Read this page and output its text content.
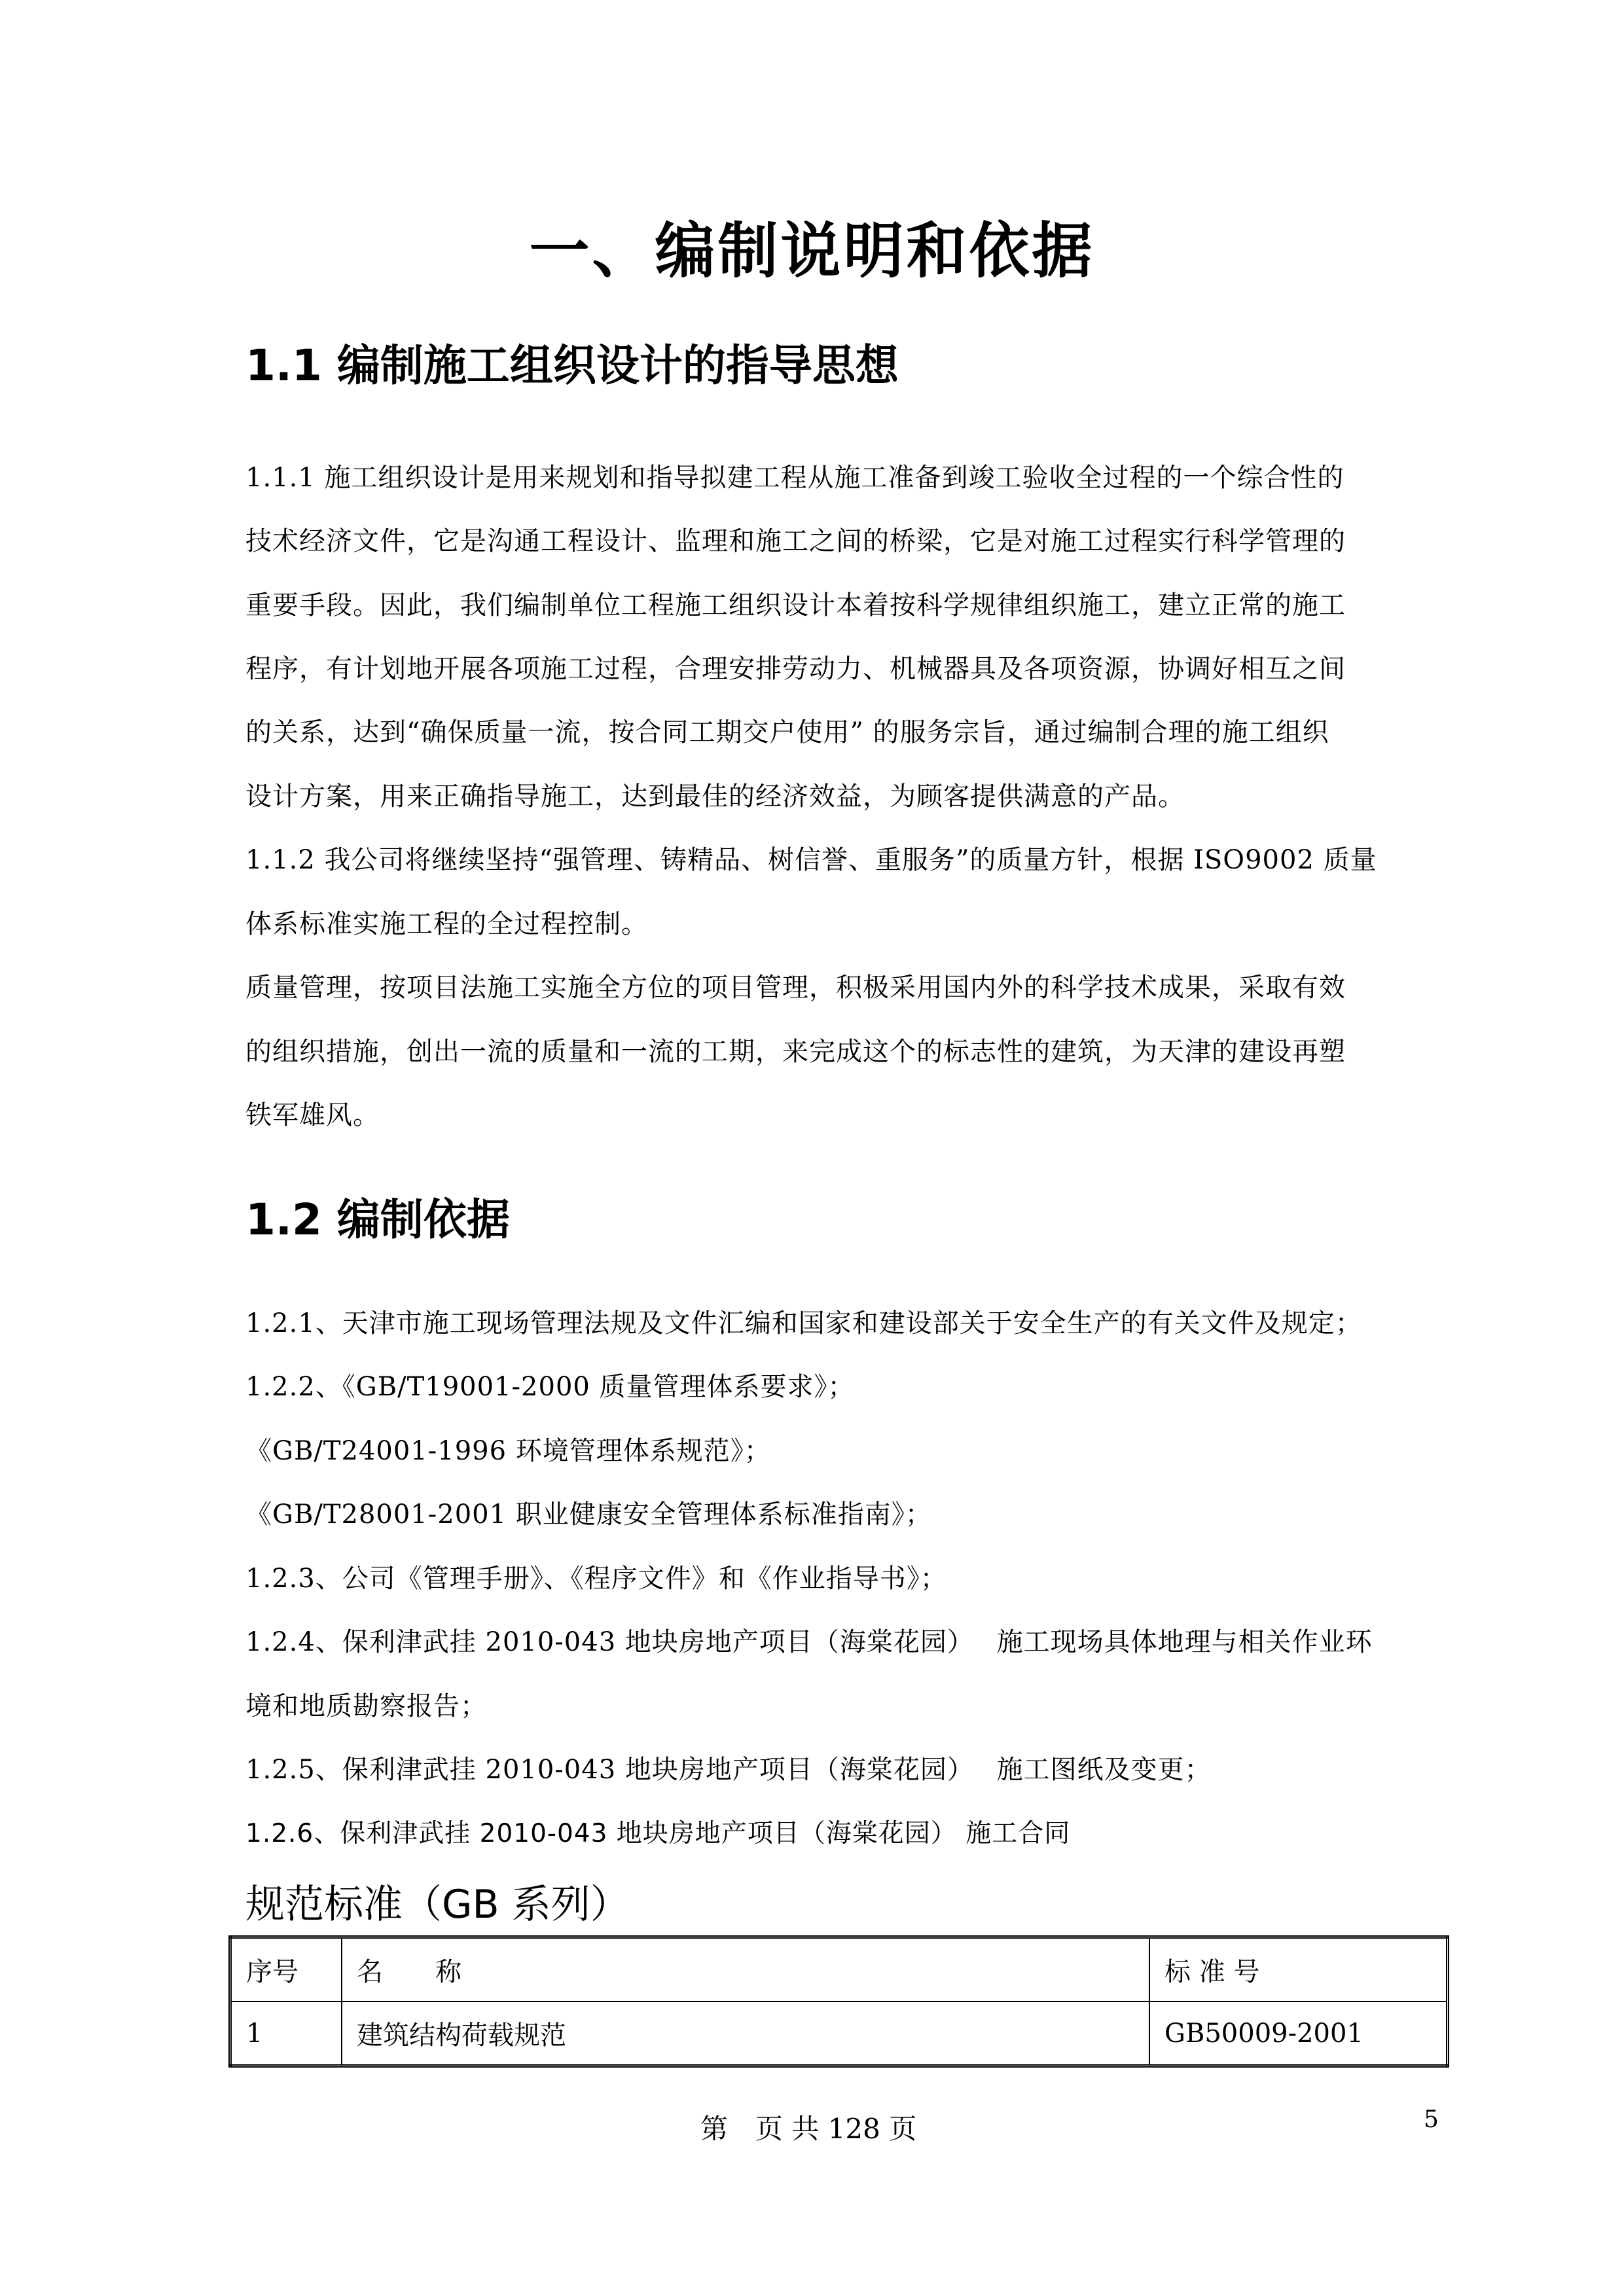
一、编制说明和依据
1.1 编制施工组织设计的指导思想
1.1.1 施工组织设计是用来规划和指导拟建工程从施工准备到竣工验收全过程的一个综合性的
技术经济文件，它是沟通工程设计、监理和施工之间的桥梁，它是对施工过程实行科学管理的
重要手段。因此，我们编制单位工程施工组织设计本着按科学规律组织施工，建立正常的施工
程序，有计划地开展各项施工过程，合理安排劳动力、机械器具及各项资源，协调好相互之间
的关系，达到“确保质量一流，按合同工期交户使用” 的服务宗旨，通过编制合理的施工组织
设计方案，用来正确指导施工，达到最佳的经济效益，为顾客提供满意的产品。
1.1.2 我公司将继续坚持“强管理、铸精品、树信誉、重服务”的质量方针，根据 ISO9002 质量
体系标准实施工程的全过程控制。
质量管理，按项目法施工实施全方位的项目管理，积极采用国内外的科学技术成果，采取有效
的组织措施，创出一流的质量和一流的工期，来完成这个的标志性的建筑，为天津的建设再塑
铁军雄风。
1.2 编制依据
1.2.1、天津市施工现场管理法规及文件汇编和国家和建设部关于安全生产的有关文件及规定；
1.2.2、《GB/T19001-2000 质量管理体系要求》；
《GB/T24001-1996 环境管理体系规范》；
《GB/T28001-2001 职业健康安全管理体系标准指南》；
1.2.3、公司《管理手册》、《程序文件》和《作业指导书》；
1.2.4、保利津武挂 2010-043 地块房地产项目（海棠花园）　 施工现场具体地理与相关作业环
境和地质勘察报告；
1.2.5、保利津武挂 2010-043 地块房地产项目（海棠花园）　 施工图纸及变更；
1.2.6、保利津武挂 2010-043 地块房地产项目（海棠花园） 施工合同
规范标准（GB 系列）
序号	名　　称	标 准 号
1	建筑结构荷载规范	GB50009-2001
第　页 共 128 页	5
